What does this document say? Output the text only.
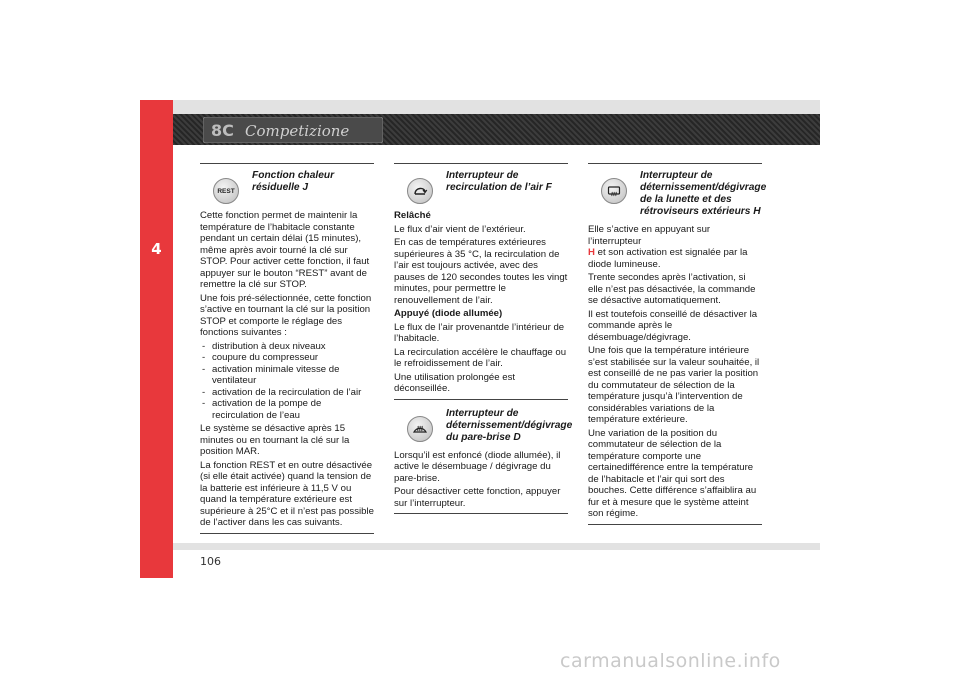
4
8C Competizione
REST
Fonction chaleur résiduelle J

Cette fonction permet de maintenir la température de l’habitacle constante pendant un certain délai (15 minutes), même après avoir tourné la clé sur STOP. Pour activer cette fonction, il faut appuyer sur le bouton “REST” avant de remettre la clé sur STOP.

Une fois pré-sélectionnée, cette fonction s’active en tournant la clé sur la position STOP et comporte le réglage des fonctions suivantes :

- distribution à deux niveaux
- coupure du compresseur
- activation minimale vitesse de ventilateur
- activation de la recirculation de l’air
- activation de la pompe de recirculation de l’eau

Le système se désactive après 15 minutes ou en tournant la clé sur la position MAR.

La fonction REST et en outre désactivée (si elle était activée) quand la tension de la batterie est inférieure à 11,5 V ou quand la température extérieure est supérieure à 25°C et il n’est pas possible de l’activer dans les cas suivants.

Interrupteur de recirculation de l’air F

Relâché

Le flux d’air vient de l’extérieur.

En cas de températures extérieures supérieures à 35 °C, la recirculation de l’air est toujours activée, avec des pauses de 120 secondes toutes les vingt minutes, pour permettre le renouvellement de l’air.

Appuyé (diode allumée)

Le flux de l’air provenantde l’intérieur de l’habitacle.

La recirculation accélère le chauffage ou le refroidissement de l’air.

Une utilisation prolongée est déconseillée.

Interrupteur de déternissement/dégivrage du pare-brise D

Lorsqu’il est enfoncé (diode allumée), il active le désembuage / dégivrage du pare-brise.

Pour désactiver cette fonction, appuyer sur l’interrupteur.

Interrupteur de déternissement/dégivrage de la lunette et des rétroviseurs extérieurs H

Elle s’active en appuyant sur l’interrupteur
H et son activation est signalée par la diode lumineuse.

Trente secondes après l’activation, si elle n’est pas désactivée, la commande se désactive automatiquement.

Il est toutefois conseillé de désactiver la commande après le désembuage/dégivrage.

Une fois que la température intérieure s’est stabilisée sur la valeur souhaitée, il est conseillé de ne pas varier la position du commutateur de sélection de la température jusqu’à l’intervention de considérables variations de la température extérieure.

Une variation de la position du commutateur de sélection de la température comporte une certainedifférence entre la température de l’habitacle et l’air qui sort des bouches. Cette différence s’affaiblira au fur et à mesure que le système atteint son régime.

106
carmanualsonline.info
